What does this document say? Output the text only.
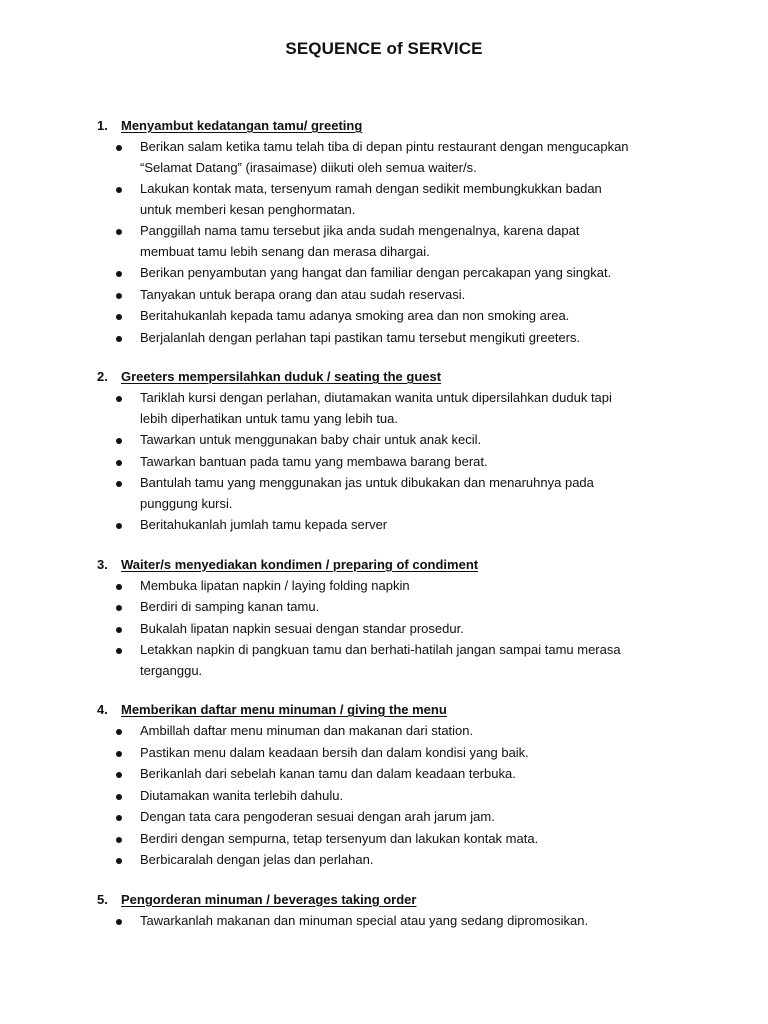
SEQUENCE of SERVICE
1. Menyambut kedatangan tamu/ greeting
Berikan salam ketika tamu telah tiba di depan pintu restaurant dengan mengucapkan
“Selamat Datang” (irasaimase) diikuti oleh semua waiter/s.
Lakukan kontak mata, tersenyum ramah dengan sedikit membungkukkan badan
untuk memberi kesan penghormatan.
Panggillah nama tamu tersebut jika anda sudah mengenalnya, karena dapat
membuat tamu lebih senang dan merasa dihargai.
Berikan penyambutan yang hangat dan familiar dengan percakapan yang singkat.
Tanyakan untuk berapa orang dan atau sudah reservasi.
Beritahukanlah kepada tamu adanya smoking area dan non smoking area.
Berjalanlah dengan perlahan tapi pastikan tamu tersebut mengikuti greeters.
2. Greeters mempersilahkan duduk / seating the guest
Tariklah kursi dengan perlahan, diutamakan wanita untuk dipersilahkan duduk tapi
lebih diperhatikan untuk tamu yang lebih tua.
Tawarkan untuk menggunakan baby chair untuk anak kecil.
Tawarkan bantuan pada tamu yang membawa barang berat.
Bantulah tamu yang menggunakan jas untuk dibukakan dan menaruhnya pada
punggung kursi.
Beritahukanlah jumlah tamu kepada server
3. Waiter/s menyediakan kondimen / preparing of condiment
Membuka lipatan napkin / laying folding napkin
Berdiri di samping kanan tamu.
Bukalah lipatan napkin sesuai dengan standar prosedur.
Letakkan napkin di pangkuan tamu dan berhati-hatilah jangan sampai tamu merasa
terganggu.
4. Memberikan daftar menu minuman / giving the menu
Ambillah daftar menu minuman dan makanan dari station.
Pastikan menu dalam keadaan bersih dan dalam kondisi yang baik.
Berikanlah dari sebelah kanan tamu dan dalam keadaan terbuka.
Diutamakan wanita terlebih dahulu.
Dengan tata cara pengoderan sesuai dengan arah jarum jam.
Berdiri dengan sempurna, tetap tersenyum dan lakukan kontak mata.
Berbicaralah dengan jelas dan perlahan.
5. Pengorderan minuman / beverages taking order
Tawarkanlah makanan dan minuman special atau yang sedang dipromosikan.
